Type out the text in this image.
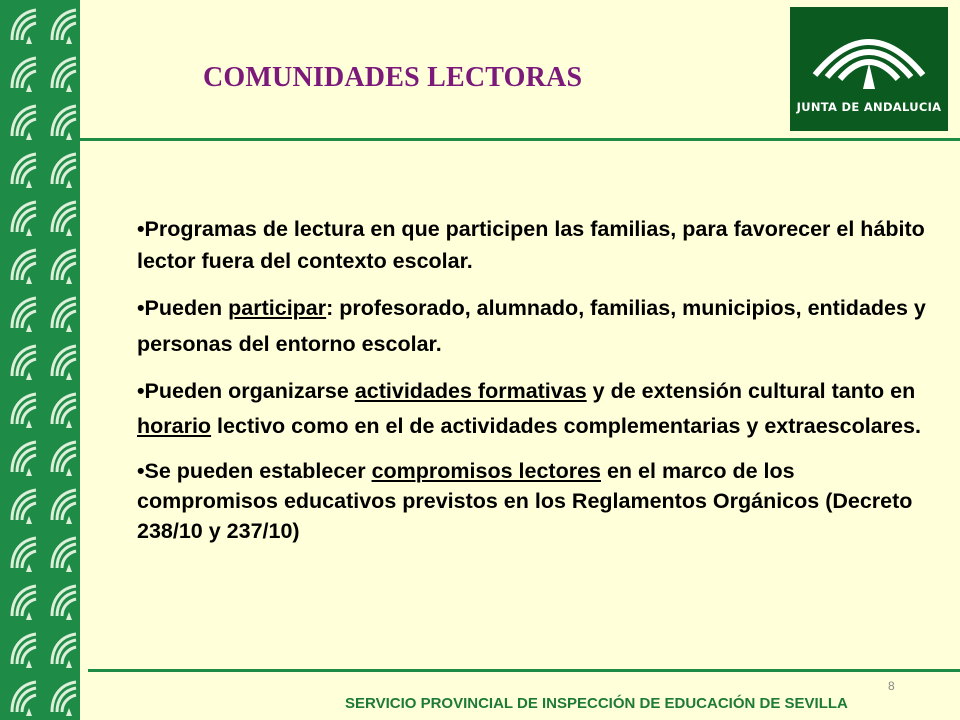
COMUNIDADES LECTORAS
JUNTA DE ANDALUCIA

•Programas de lectura en que participen las familias, para favorecer el hábito lector fuera del contexto escolar.

•Pueden participar: profesorado, alumnado, familias, municipios, entidades y personas del entorno escolar.

•Pueden organizarse actividades formativas y de extensión cultural tanto en horario lectivo como en el de actividades complementarias y extraescolares.

•Se pueden establecer compromisos lectores en el marco de los compromisos educativos previstos en los Reglamentos Orgánicos (Decreto 238/10 y 237/10)

8
SERVICIO PROVINCIAL DE INSPECCIÓN DE EDUCACIÓN DE SEVILLA
